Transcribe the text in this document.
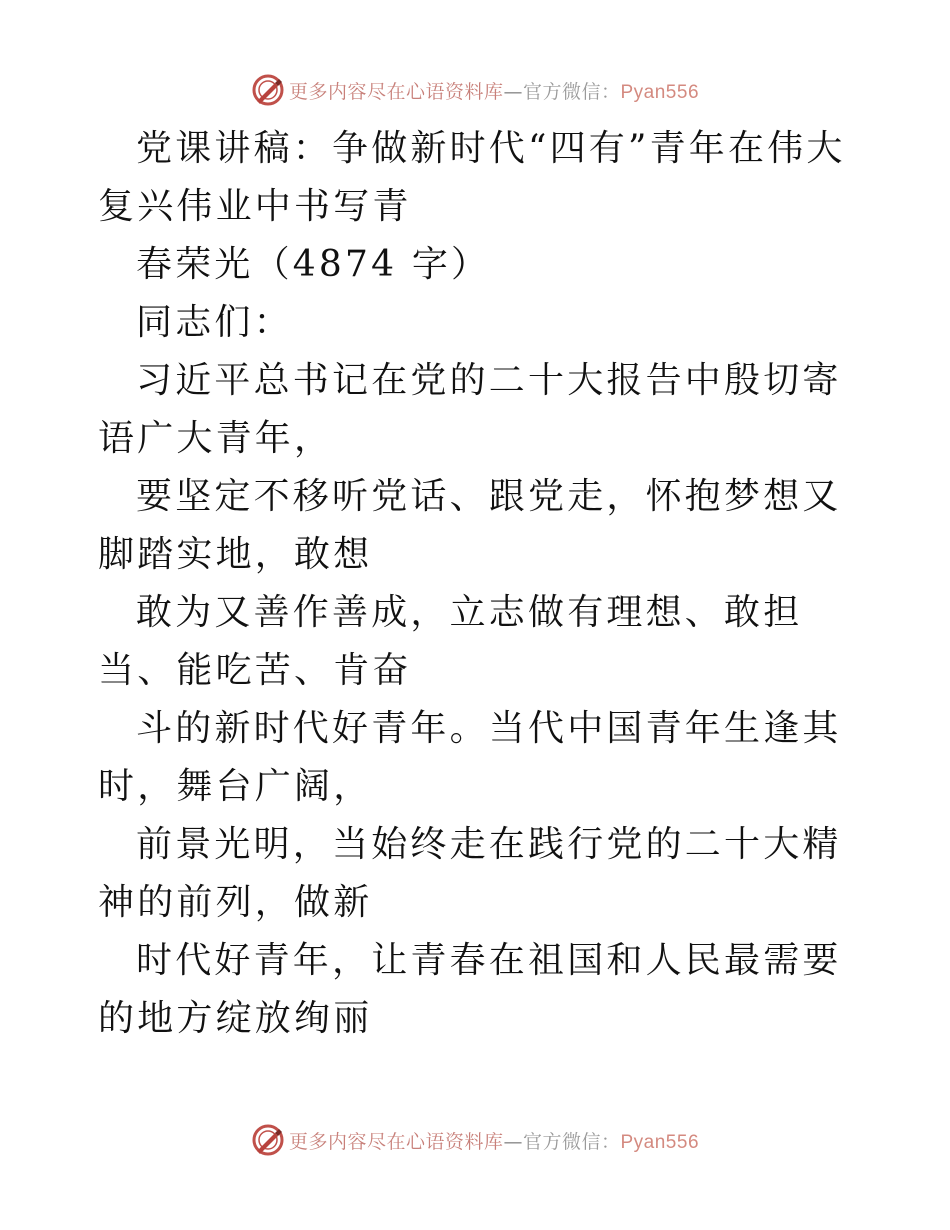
更多内容尽在心语资料库—官方微信：Pyan556

党课讲稿：争做新时代“四有”青年在伟大复兴伟业中书写青

春荣光（4874 字）

同志们：

习近平总书记在党的二十大报告中殷切寄语广大青年，

要坚定不移听党话、跟党走，怀抱梦想又脚踏实地，敢想

敢为又善作善成，立志做有理想、敢担当、能吃苦、肯奋

斗的新时代好青年。当代中国青年生逢其时，舞台广阔，

前景光明，当始终走在践行党的二十大精神的前列，做新

时代好青年，让青春在祖国和人民最需要的地方绽放绚丽

更多内容尽在心语资料库—官方微信：Pyan556
